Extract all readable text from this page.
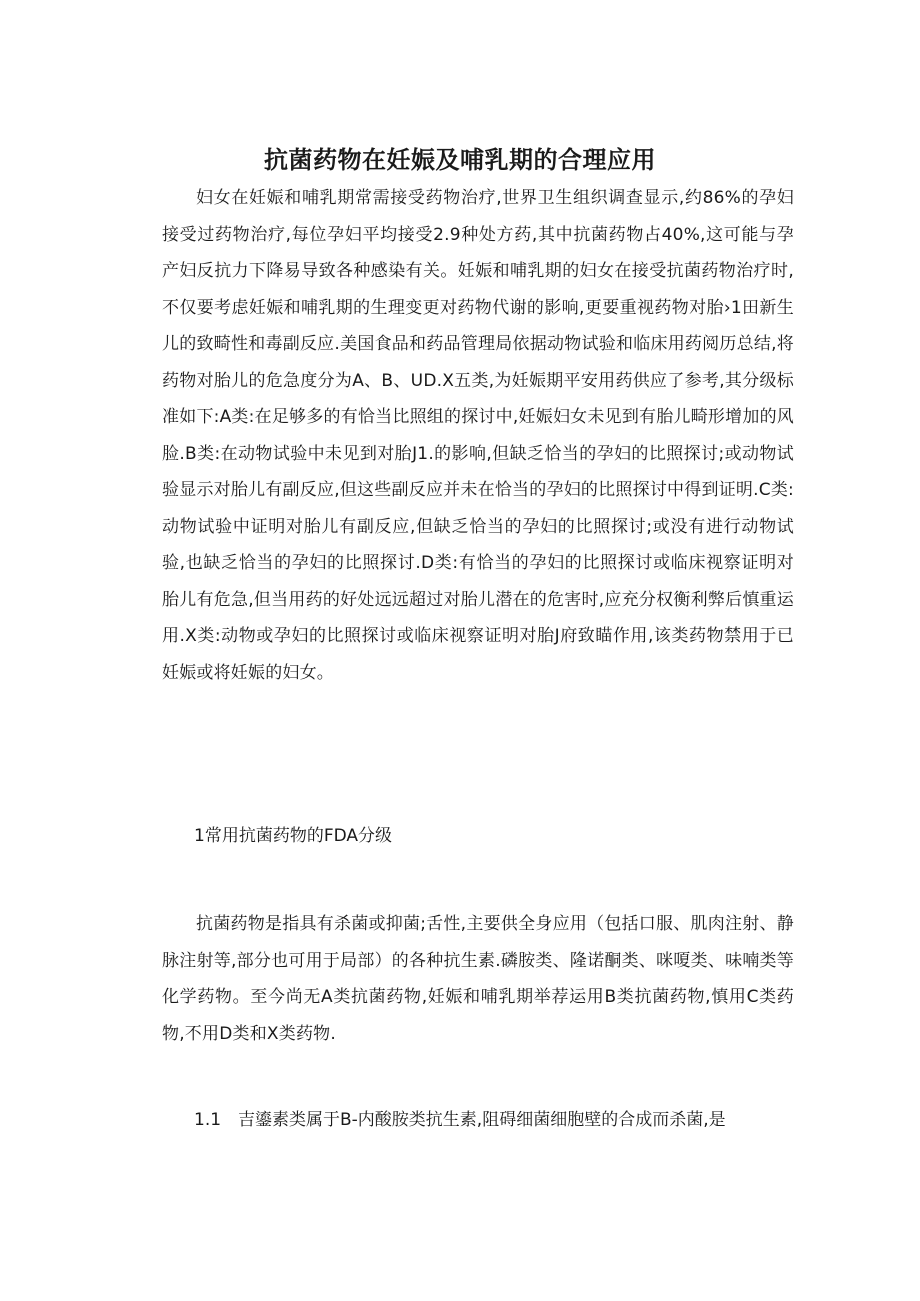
抗菌药物在妊娠及哺乳期的合理应用

妇女在妊娠和哺乳期常需接受药物治疗,世界卫生组织调查显示,约86%的孕妇接受过药物治疗,每位孕妇平均接受2.9种处方药,其中抗菌药物占40%,这可能与孕产妇反抗力下降易导致各种感染有关。妊娠和哺乳期的妇女在接受抗菌药物治疗时,不仅要考虑妊娠和哺乳期的生理变更对药物代谢的影响,更要重视药物对胎›1田新生儿的致畸性和毒副反应.美国食品和药品管理局依据动物试验和临床用药阅历总结,将药物对胎儿的危急度分为A、B、UD.X五类,为妊娠期平安用药供应了参考,其分级标准如下:A类:在足够多的有恰当比照组的探讨中,妊娠妇女未见到有胎儿畸形增加的风脸.B类:在动物试验中未见到对胎J1.的影响,但缺乏恰当的孕妇的比照探讨;或动物试验显示对胎儿有副反应,但这些副反应并未在恰当的孕妇的比照探讨中得到证明.C类:动物试验中证明对胎儿有副反应,但缺乏恰当的孕妇的比照探讨;或没有进行动物试验,也缺乏恰当的孕妇的比照探讨.D类:有恰当的孕妇的比照探讨或临床视察证明对胎儿有危急,但当用药的好处远远超过对胎儿潜在的危害时,应充分权衡利弊后慎重运用.X类:动物或孕妇的比照探讨或临床视察证明对胎J府致瞄作用,该类药物禁用于已妊娠或将妊娠的妇女。

1常用抗菌药物的FDA分级

抗菌药物是指具有杀菌或抑菌;舌性,主要供全身应用（包括口服、肌肉注射、静脉注射等,部分也可用于局部）的各种抗生素.磷胺类、隆诺酮类、咪嗄类、味喃类等化学药物。至今尚无A类抗菌药物,妊娠和哺乳期举荐运用B类抗菌药物,慎用C类药物,不用D类和X类药物.

1.1 吉鎏素类属于B-内酸胺类抗生素,阻碍细菌细胞壁的合成而杀菌,是
